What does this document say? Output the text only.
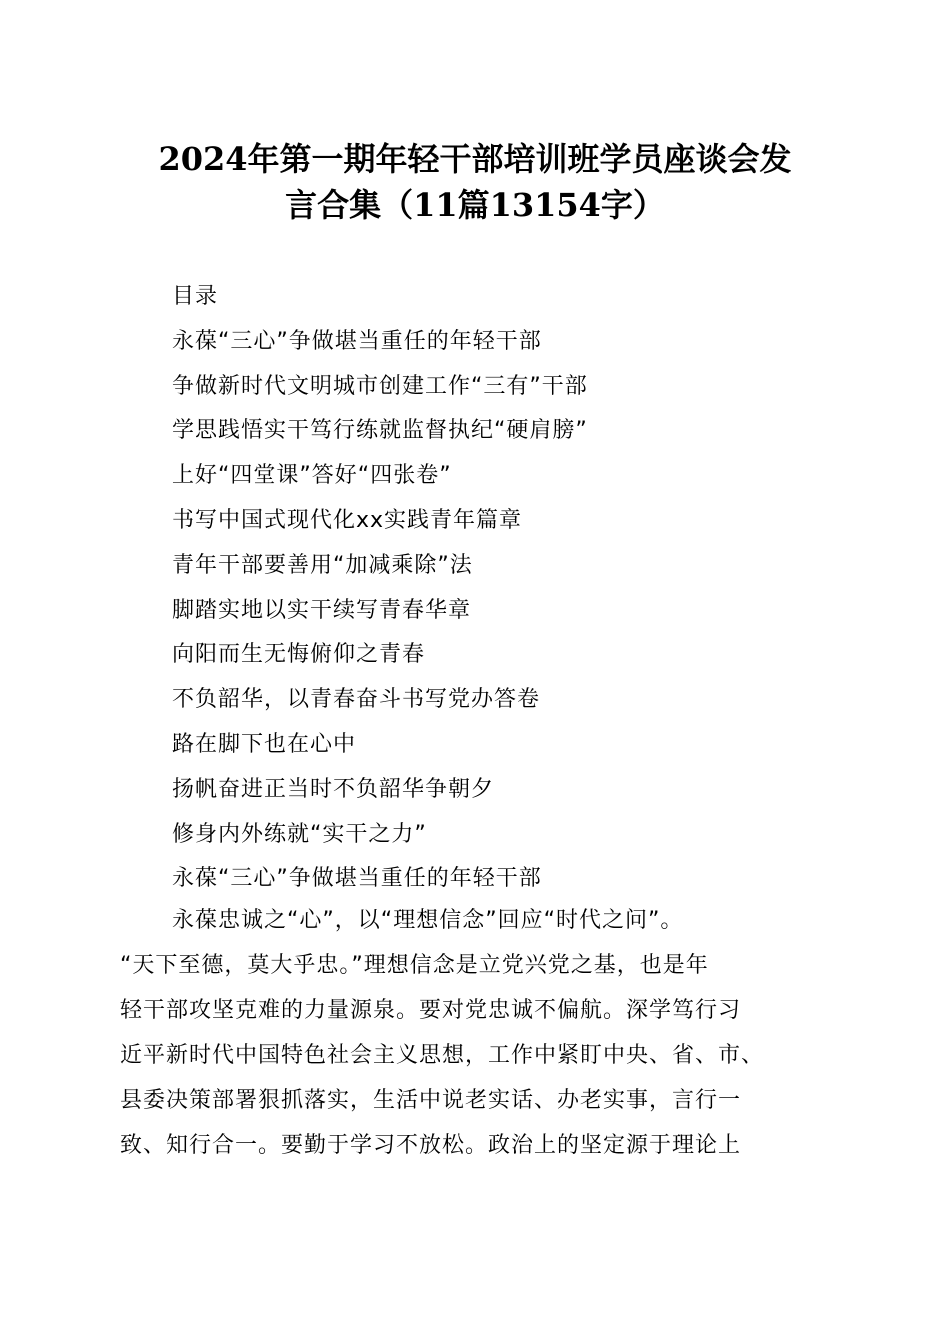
2024年第一期年轻干部培训班学员座谈会发
言合集（11篇13154字）
目录
永葆“三心”争做堪当重任的年轻干部
争做新时代文明城市创建工作“三有”干部
学思践悟实干笃行练就监督执纪“硬肩膀”
上好“四堂课”答好“四张卷”
书写中国式现代化xx实践青年篇章
青年干部要善用“加减乘除”法
脚踏实地以实干续写青春华章
向阳而生无悔俯仰之青春
不负韶华，以青春奋斗书写党办答卷
路在脚下也在心中
扬帆奋进正当时不负韶华争朝夕
修身内外练就“实干之力”
永葆“三心”争做堪当重任的年轻干部
永葆忠诚之“心”，以“理想信念”回应“时代之问”。
“天下至德，莫大乎忠。”理想信念是立党兴党之基，也是年
轻干部攻坚克难的力量源泉。要对党忠诚不偏航。深学笃行习
近平新时代中国特色社会主义思想，工作中紧盯中央、省、市、
县委决策部署狠抓落实，生活中说老实话、办老实事，言行一
致、知行合一。要勤于学习不放松。政治上的坚定源于理论上
